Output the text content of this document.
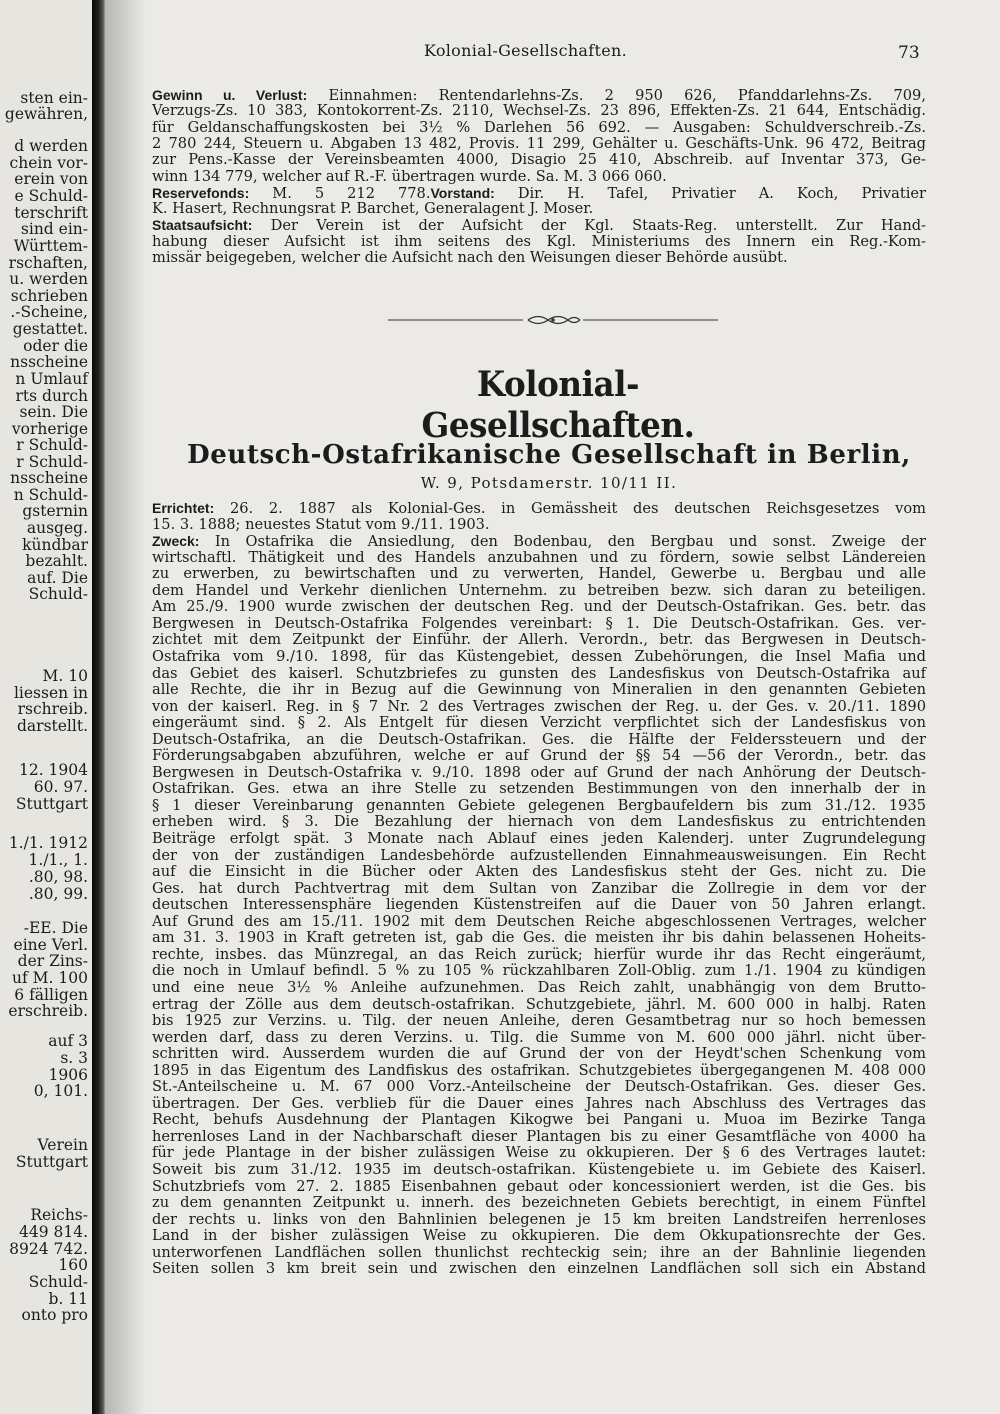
sten ein-
gewähren,
d werden
chein vor-
erein von
e Schuld-
terschrift
sind ein-
Württem-
rschaften,
u. werden
schrieben
.-Scheine,
gestattet.
oder die
nsscheine
n Umlauf
rts durch
sein. Die
vorherige
r Schuld-
r Schuld-
nsscheine
n Schuld-
gsternin
ausgeg.
kündbar
bezahlt.
auf. Die
Schuld-
M. 10
liessen in
rschreib.
darstellt.
12. 1904
60. 97.
Stuttgart
1./1. 1912
1./1., 1.
.80, 98.
.80, 99.
-EE. Die
eine Verl.
der Zins-
uf M. 100
6 fälligen
erschreib.
auf 3
s. 3
1906
0, 101.
Verein
Stuttgart
Reichs-
449 814.
8924 742.
160
Schuld-
b. 11
onto pro
Kolonial-Gesellschaften.	73
Gewinn u. Verlust: Einnahmen: Rentendarlehns-Zs. 2 950 626, Pfanddarlehns-Zs. 709,
Verzugs-Zs. 10 383, Kontokorrent-Zs. 2110, Wechsel-Zs. 23 896, Effekten-Zs. 21 644, Entschädig.
für Geldanschaffungskosten bei 3½ % Darlehen 56 692. — Ausgaben: Schuldverschreib.-Zs.
2 780 244, Steuern u. Abgaben 13 482, Provis. 11 299, Gehälter u. Geschäfts-Unk. 96 472, Beitrag
zur Pens.-Kasse der Vereinsbeamten 4000, Disagio 25 410, Abschreib. auf Inventar 373, Ge-
winn 134 779, welcher auf R.-F. übertragen wurde. Sa. M. 3 066 060.
Reservefonds: M. 5 212 778.Vorstand: Dir. H. Tafel, Privatier A. Koch, Privatier
K. Hasert, Rechnungsrat P. Barchet, Generalagent J. Moser.
Staatsaufsicht: Der Verein ist der Aufsicht der Kgl. Staats-Reg. unterstellt. Zur Hand-
habung dieser Aufsicht ist ihm seitens des Kgl. Ministeriums des Innern ein Reg.-Kom-
missär beigegeben, welcher die Aufsicht nach den Weisungen dieser Behörde ausübt.
Kolonial-Gesellschaften.
Deutsch-Ostafrikanische Gesellschaft in Berlin,
W. 9, Potsdamerstr. 10/11 II.
Errichtet: 26. 2. 1887 als Kolonial-Ges. in Gemässheit des deutschen Reichsgesetzes vom
15. 3. 1888; neuestes Statut vom 9./11. 1903.
Zweck: In Ostafrika die Ansiedlung, den Bodenbau, den Bergbau und sonst. Zweige der
wirtschaftl. Thätigkeit und des Handels anzubahnen und zu fördern, sowie selbst Ländereien
zu erwerben, zu bewirtschaften und zu verwerten, Handel, Gewerbe u. Bergbau und alle
dem Handel und Verkehr dienlichen Unternehm. zu betreiben bezw. sich daran zu beteiligen.
Am 25./9. 1900 wurde zwischen der deutschen Reg. und der Deutsch-Ostafrikan. Ges. betr. das
Bergwesen in Deutsch-Ostafrika Folgendes vereinbart: § 1. Die Deutsch-Ostafrikan. Ges. ver-
zichtet mit dem Zeitpunkt der Einführ. der Allerh. Verordn., betr. das Bergwesen in Deutsch-
Ostafrika vom 9./10. 1898, für das Küstengebiet, dessen Zubehörungen, die Insel Mafia und
das Gebiet des kaiserl. Schutzbriefes zu gunsten des Landesfiskus von Deutsch-Ostafrika auf
alle Rechte, die ihr in Bezug auf die Gewinnung von Mineralien in den genannten Gebieten
von der kaiserl. Reg. in § 7 Nr. 2 des Vertrages zwischen der Reg. u. der Ges. v. 20./11. 1890
eingeräumt sind. § 2. Als Entgelt für diesen Verzicht verpflichtet sich der Landesfiskus von
Deutsch-Ostafrika, an die Deutsch-Ostafrikan. Ges. die Hälfte der Felderssteuern und der
Förderungsabgaben abzuführen, welche er auf Grund der §§ 54 —56 der Verordn., betr. das
Bergwesen in Deutsch-Ostafrika v. 9./10. 1898 oder auf Grund der nach Anhörung der Deutsch-
Ostafrikan. Ges. etwa an ihre Stelle zu setzenden Bestimmungen von den innerhalb der in
§ 1 dieser Vereinbarung genannten Gebiete gelegenen Bergbaufeldern bis zum 31./12. 1935
erheben wird. § 3. Die Bezahlung der hiernach von dem Landesfiskus zu entrichtenden
Beiträge erfolgt spät. 3 Monate nach Ablauf eines jeden Kalenderj. unter Zugrundelegung
der von der zuständigen Landesbehörde aufzustellenden Einnahmeausweisungen. Ein Recht
auf die Einsicht in die Bücher oder Akten des Landesfiskus steht der Ges. nicht zu. Die
Ges. hat durch Pachtvertrag mit dem Sultan von Zanzibar die Zollregie in dem vor der
deutschen Interessensphäre liegenden Küstenstreifen auf die Dauer von 50 Jahren erlangt.
Auf Grund des am 15./11. 1902 mit dem Deutschen Reiche abgeschlossenen Vertrages, welcher
am 31. 3. 1903 in Kraft getreten ist, gab die Ges. die meisten ihr bis dahin belassenen Hoheits-
rechte, insbes. das Münzregal, an das Reich zurück; hierfür wurde ihr das Recht eingeräumt,
die noch in Umlauf befindl. 5 % zu 105 % rückzahlbaren Zoll-Oblig. zum 1./1. 1904 zu kündigen
und eine neue 3½ % Anleihe aufzunehmen. Das Reich zahlt, unabhängig von dem Brutto-
ertrag der Zölle aus dem deutsch-ostafrikan. Schutzgebiete, jährl. M. 600 000 in halbj. Raten
bis 1925 zur Verzins. u. Tilg. der neuen Anleihe, deren Gesamtbetrag nur so hoch bemessen
werden darf, dass zu deren Verzins. u. Tilg. die Summe von M. 600 000 jährl. nicht über-
schritten wird. Ausserdem wurden die auf Grund der von der Heydt'schen Schenkung vom
1895 in das Eigentum des Landfiskus des ostafrikan. Schutzgebietes übergegangenen M. 408 000
St.-Anteilscheine u. M. 67 000 Vorz.-Anteilscheine der Deutsch-Ostafrikan. Ges. dieser Ges.
übertragen. Der Ges. verblieb für die Dauer eines Jahres nach Abschluss des Vertrages das
Recht, behufs Ausdehnung der Plantagen Kikogwe bei Pangani u. Muoa im Bezirke Tanga
herrenloses Land in der Nachbarschaft dieser Plantagen bis zu einer Gesamtfläche von 4000 ha
für jede Plantage in der bisher zulässigen Weise zu okkupieren. Der § 6 des Vertrages lautet:
Soweit bis zum 31./12. 1935 im deutsch-ostafrikan. Küstengebiete u. im Gebiete des Kaiserl.
Schutzbriefs vom 27. 2. 1885 Eisenbahnen gebaut oder koncessioniert werden, ist die Ges. bis
zu dem genannten Zeitpunkt u. innerh. des bezeichneten Gebiets berechtigt, in einem Fünftel
der rechts u. links von den Bahnlinien belegenen je 15 km breiten Landstreifen herrenloses
Land in der bisher zulässigen Weise zu okkupieren. Die dem Okkupationsrechte der Ges.
unterworfenen Landflächen sollen thunlichst rechteckig sein; ihre an der Bahnlinie liegenden
Seiten sollen 3 km breit sein und zwischen den einzelnen Landflächen soll sich ein Abstand
